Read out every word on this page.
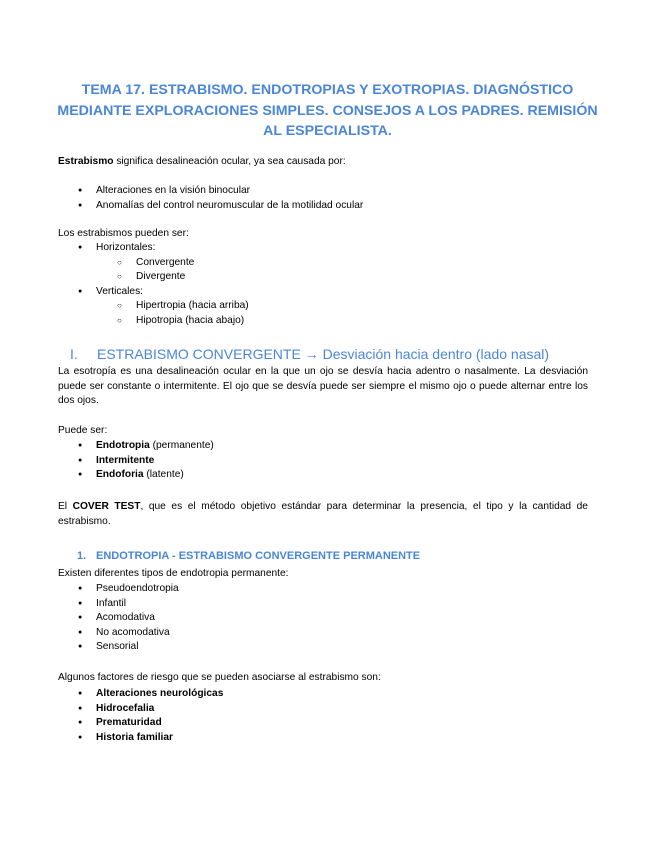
TEMA 17. ESTRABISMO. ENDOTROPIAS Y EXOTROPIAS. DIAGNÓSTICO MEDIANTE EXPLORACIONES SIMPLES. CONSEJOS A LOS PADRES. REMISIÓN AL ESPECIALISTA.
Estrabismo significa desalineación ocular, ya sea causada por:
● Alteraciones en la visión binocular
● Anomalías del control neuromuscular de la motilidad ocular
Los estrabismos pueden ser:
● Horizontales:
○ Convergente
○ Divergente
● Verticales:
○ Hipertropia (hacia arriba)
○ Hipotropia (hacia abajo)
I. ESTRABISMO CONVERGENTE → Desviación hacia dentro (lado nasal)
La esotropía es una desalineación ocular en la que un ojo se desvía hacia adentro o nasalmente. La desviación puede ser constante o intermitente. El ojo que se desvía puede ser siempre el mismo ojo o puede alternar entre los dos ojos.
Puede ser:
● Endotropia (permanente)
● Intermitente
● Endoforia (latente)
El COVER TEST, que es el método objetivo estándar para determinar la presencia, el tipo y la cantidad de estrabismo.
1. ENDOTROPIA - ESTRABISMO CONVERGENTE PERMANENTE
Existen diferentes tipos de endotropia permanente:
● Pseudoendotropia
● Infantil
● Acomodativa
● No acomodativa
● Sensorial
Algunos factores de riesgo que se pueden asociarse al estrabismo son:
● Alteraciones neurológicas
● Hidrocefalia
● Prematuridad
● Historia familiar
